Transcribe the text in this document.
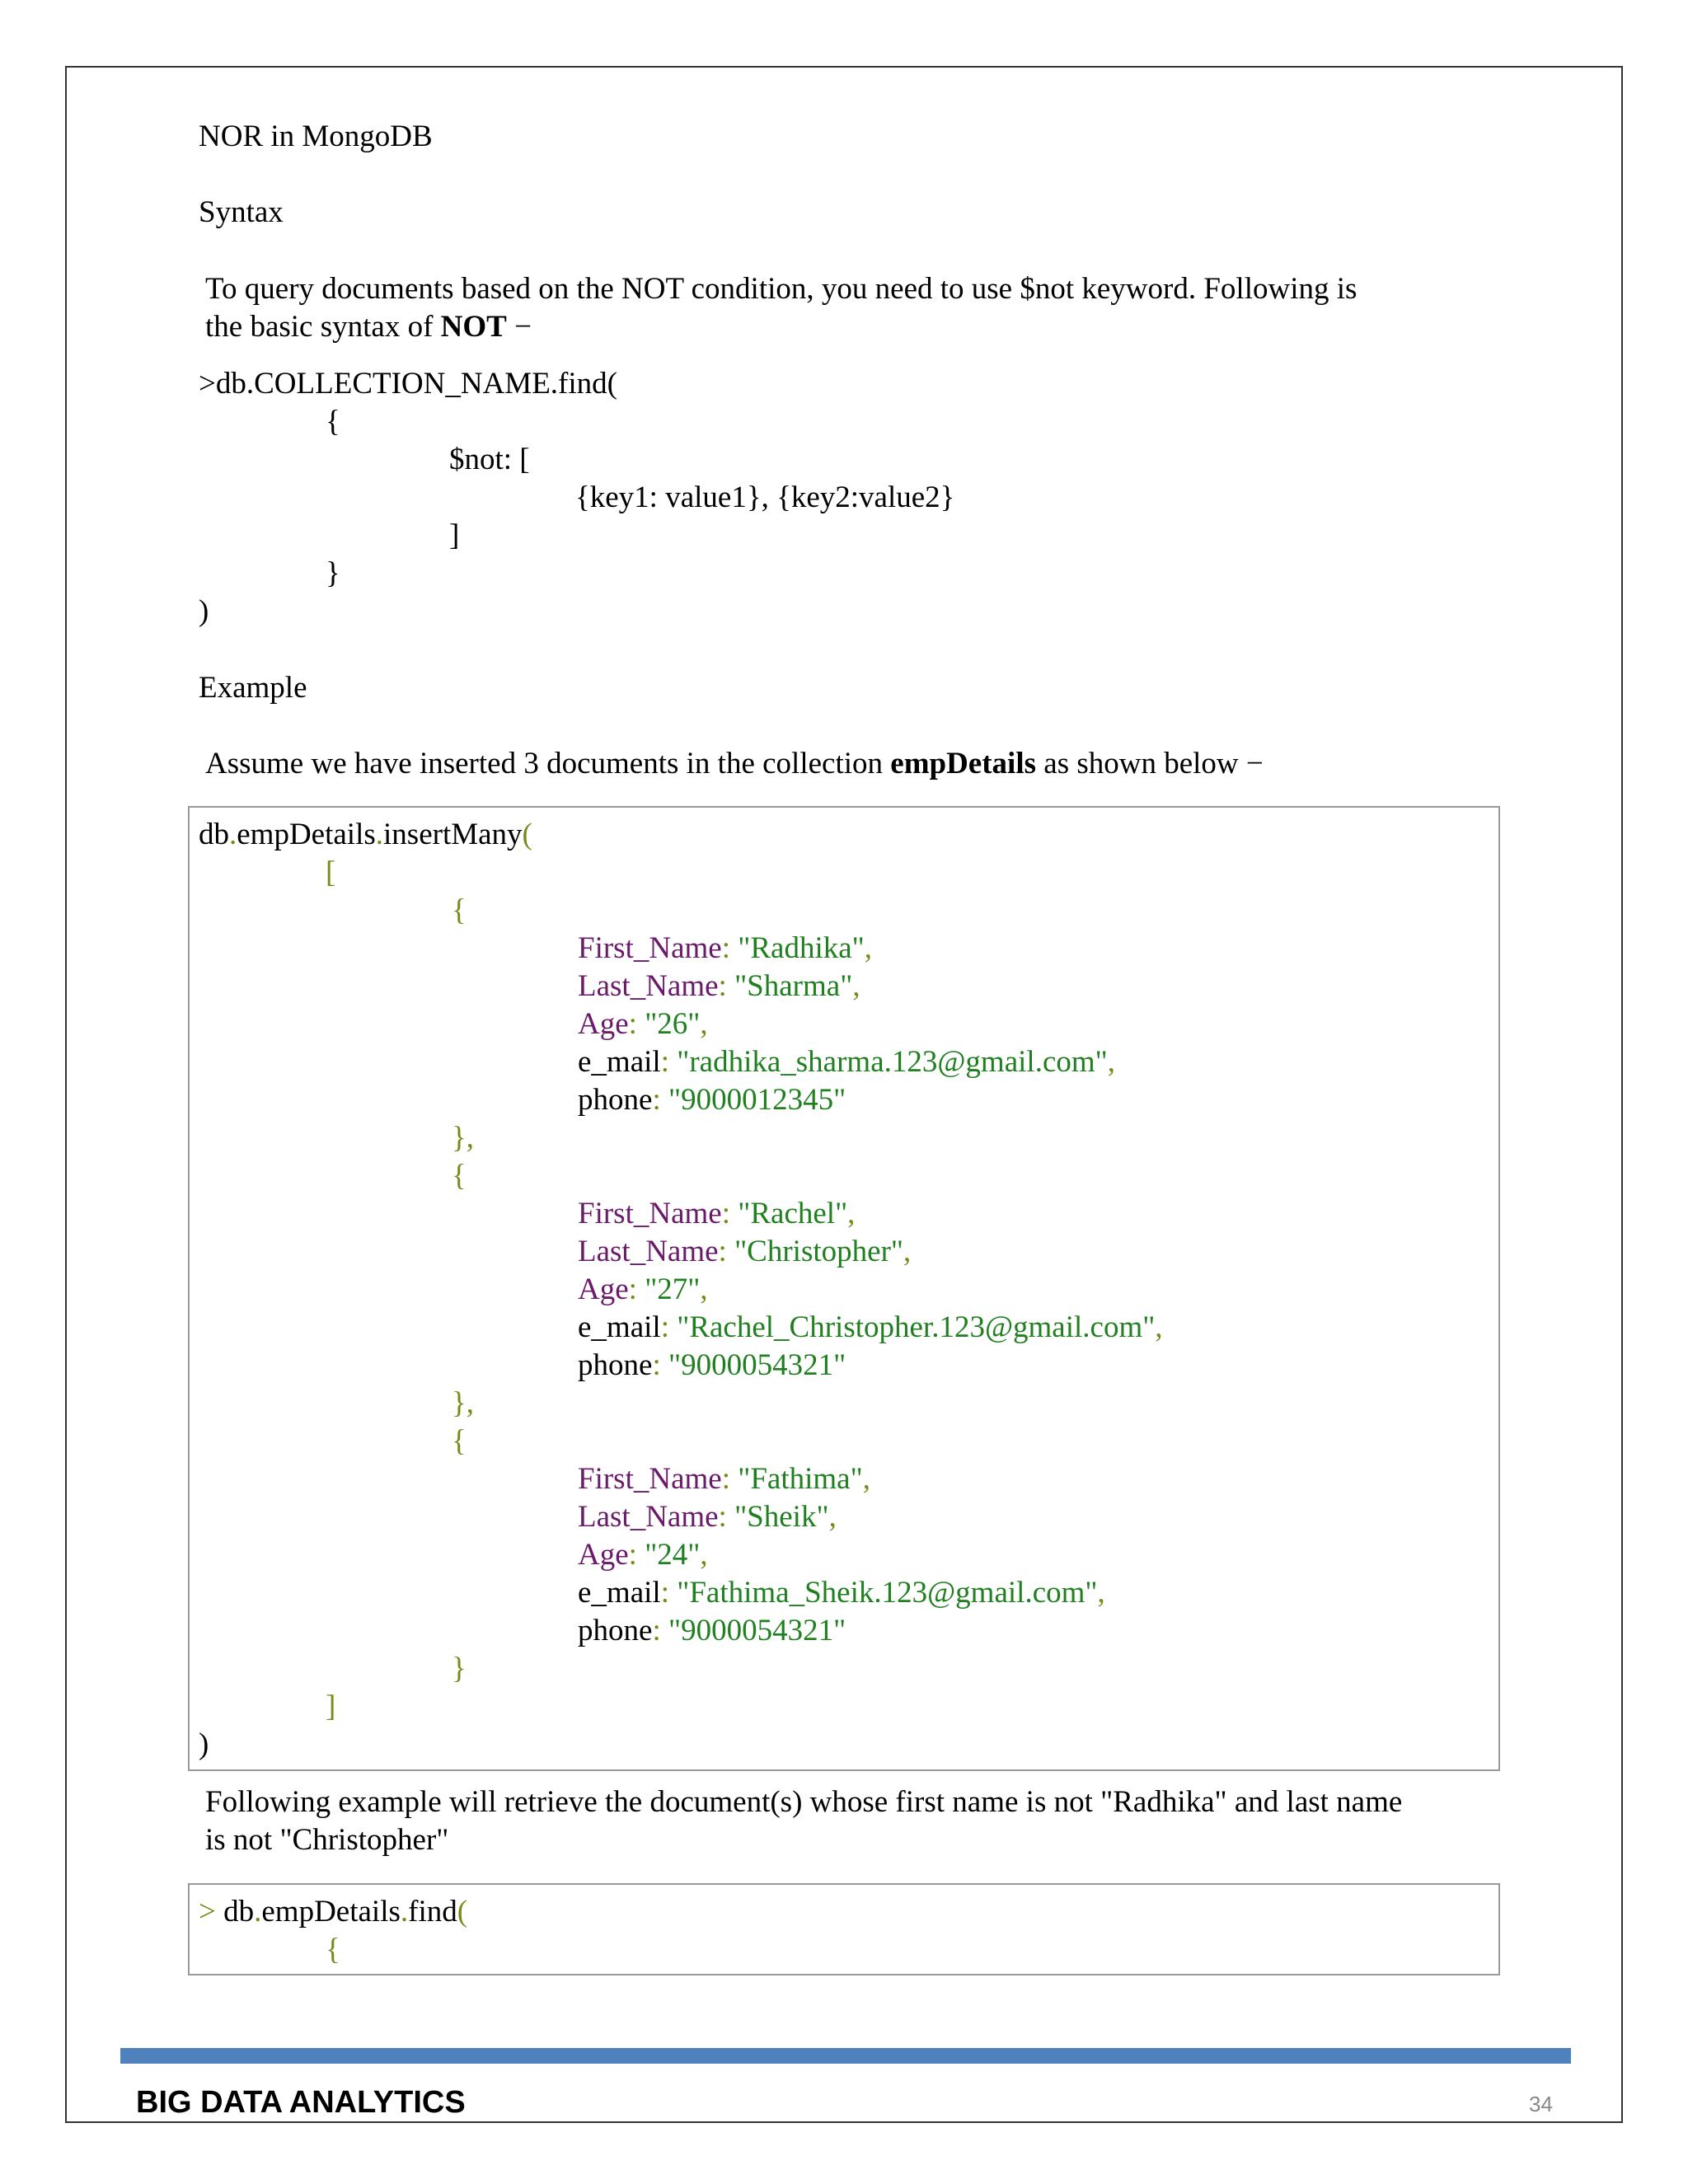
NOR in MongoDB
Syntax
To query documents based on the NOT condition, you need to use $not keyword. Following is
the basic syntax of NOT −
>db.COLLECTION_NAME.find(
{
$not: [
{key1: value1}, {key2:value2}
]
}
)
Example
Assume we have inserted 3 documents in the collection empDetails as shown below −
db.empDetails.insertMany(
[
{
First_Name: "Radhika",
Last_Name: "Sharma",
Age: "26",
e_mail: "radhika_sharma.123@gmail.com",
phone: "9000012345"
},
{
First_Name: "Rachel",
Last_Name: "Christopher",
Age: "27",
e_mail: "Rachel_Christopher.123@gmail.com",
phone: "9000054321"
},
{
First_Name: "Fathima",
Last_Name: "Sheik",
Age: "24",
e_mail: "Fathima_Sheik.123@gmail.com",
phone: "9000054321"
}
]
)
Following example will retrieve the document(s) whose first name is not "Radhika" and last name
is not "Christopher"
> db.empDetails.find(
{
BIG DATA ANALYTICS	34
